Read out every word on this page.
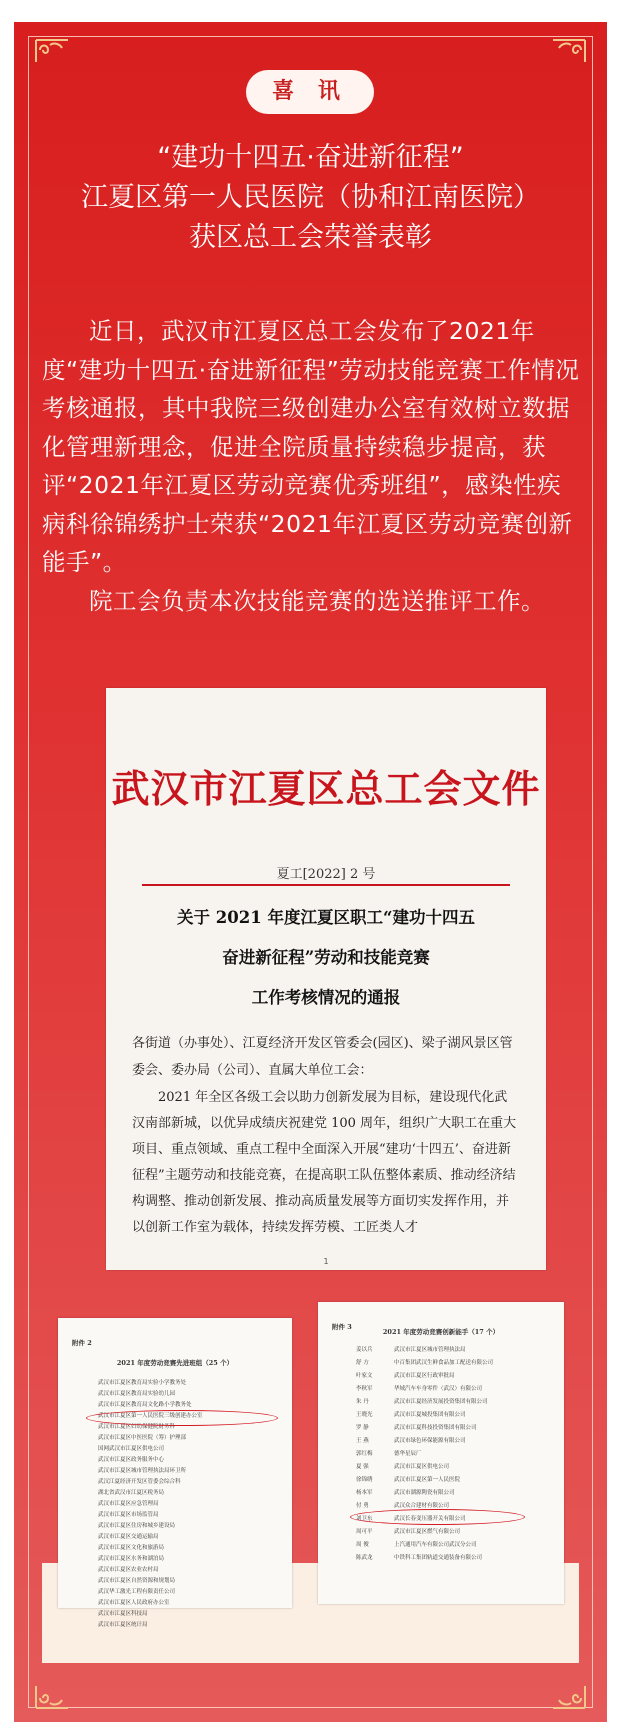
喜 讯
“建功十四五·奋进新征程”
江夏区第一人民医院（协和江南医院）
获区总工会荣誉表彰

近日，武汉市江夏区总工会发布了2021年度“建功十四五·奋进新征程”劳动技能竞赛工作情况考核通报，其中我院三级创建办公室有效树立数据化管理新理念，促进全院质量持续稳步提高，获评“2021年江夏区劳动竞赛优秀班组”，感染性疾病科徐锦绣护士荣获“2021年江夏区劳动竞赛创新能手”。

院工会负责本次技能竞赛的选送推评工作。

武汉市江夏区总工会文件
夏工[2022] 2 号
关于 2021 年度江夏区职工“建功十四五
奋进新征程”劳动和技能竞赛
工作考核情况的通报
各街道（办事处）、江夏经济开发区管委会(园区)、梁子湖风景区管委会、委办局（公司）、直属大单位工会：
2021 年全区各级工会以助力创新发展为目标，建设现代化武汉南部新城，以优异成绩庆祝建党 100 周年，组织广大职工在重大项目、重点领域、重点工程中全面深入开展“建功‘十四五’、奋进新征程”主题劳动和技能竞赛，在提高职工队伍整体素质、推动经济结构调整、推动创新发展、推动高质量发展等方面切实发挥作用，并以创新工作室为载体，持续发挥劳模、工匠类人才
1
附件 2
2021 年度劳动竞赛先进班组（25 个）
武汉市江夏区教育局实验小学教务处
武汉市江夏区教育局实验幼儿园
武汉市江夏区教育局文化路小学教务处
武汉市江夏区第一人民医院三级创建办公室
武汉市江夏区妇幼保健院财务科
武汉市江夏区中医医院（筹）护理部
国网武汉市江夏区供电公司
武汉市江夏区政务服务中心
武汉市江夏区城市管理执法局环卫所
武汉江夏经济开发区管委会综合科
湖北省武汉市江夏区税务局
武汉市江夏区应急管理局
武汉市江夏区市场监管局
武汉市江夏区住房和城乡建设局
武汉市江夏区交通运输局
武汉市江夏区文化和旅游局
武汉市江夏区水务和湖泊局
武汉市江夏区农业农村局
武汉市江夏区自然资源和规划局
武汉华工激光工程有限责任公司
武汉市江夏区人民政府办公室
武汉市江夏区科技局
武汉市江夏区统计局
附件 3
2021 年度劳动竞赛创新能手（17 个）
姜以兵	武汉市江夏区城市管理执法局
舒 方	中百集团武汉生鲜食品加工配送有限公司
叶家文	武汉市江夏区行政审批局
李秋军	华域汽车车身零件（武汉）有限公司
朱 丹	武汉市江夏经济发展投资集团有限公司
王晓光	武汉市江夏城投集团有限公司
罗 静	武汉市江夏科技投资集团有限公司
王 燕	武汉市绿色环保能源有限公司
郭红梅	德华星辰厂
夏 强	武汉市江夏区供电公司
徐锦绣	武汉市江夏区第一人民医院
杨本军	武汉市湖源陶瓷有限公司
付 勇	武汉众合建材有限公司
刘卫东	武汉长春变压器开关有限公司
周可平	武汉市江夏区燃气有限公司
周 俊	上汽通用汽车有限公司武汉分公司
陈武龙	中铁科工集团轨道交通装备有限公司
